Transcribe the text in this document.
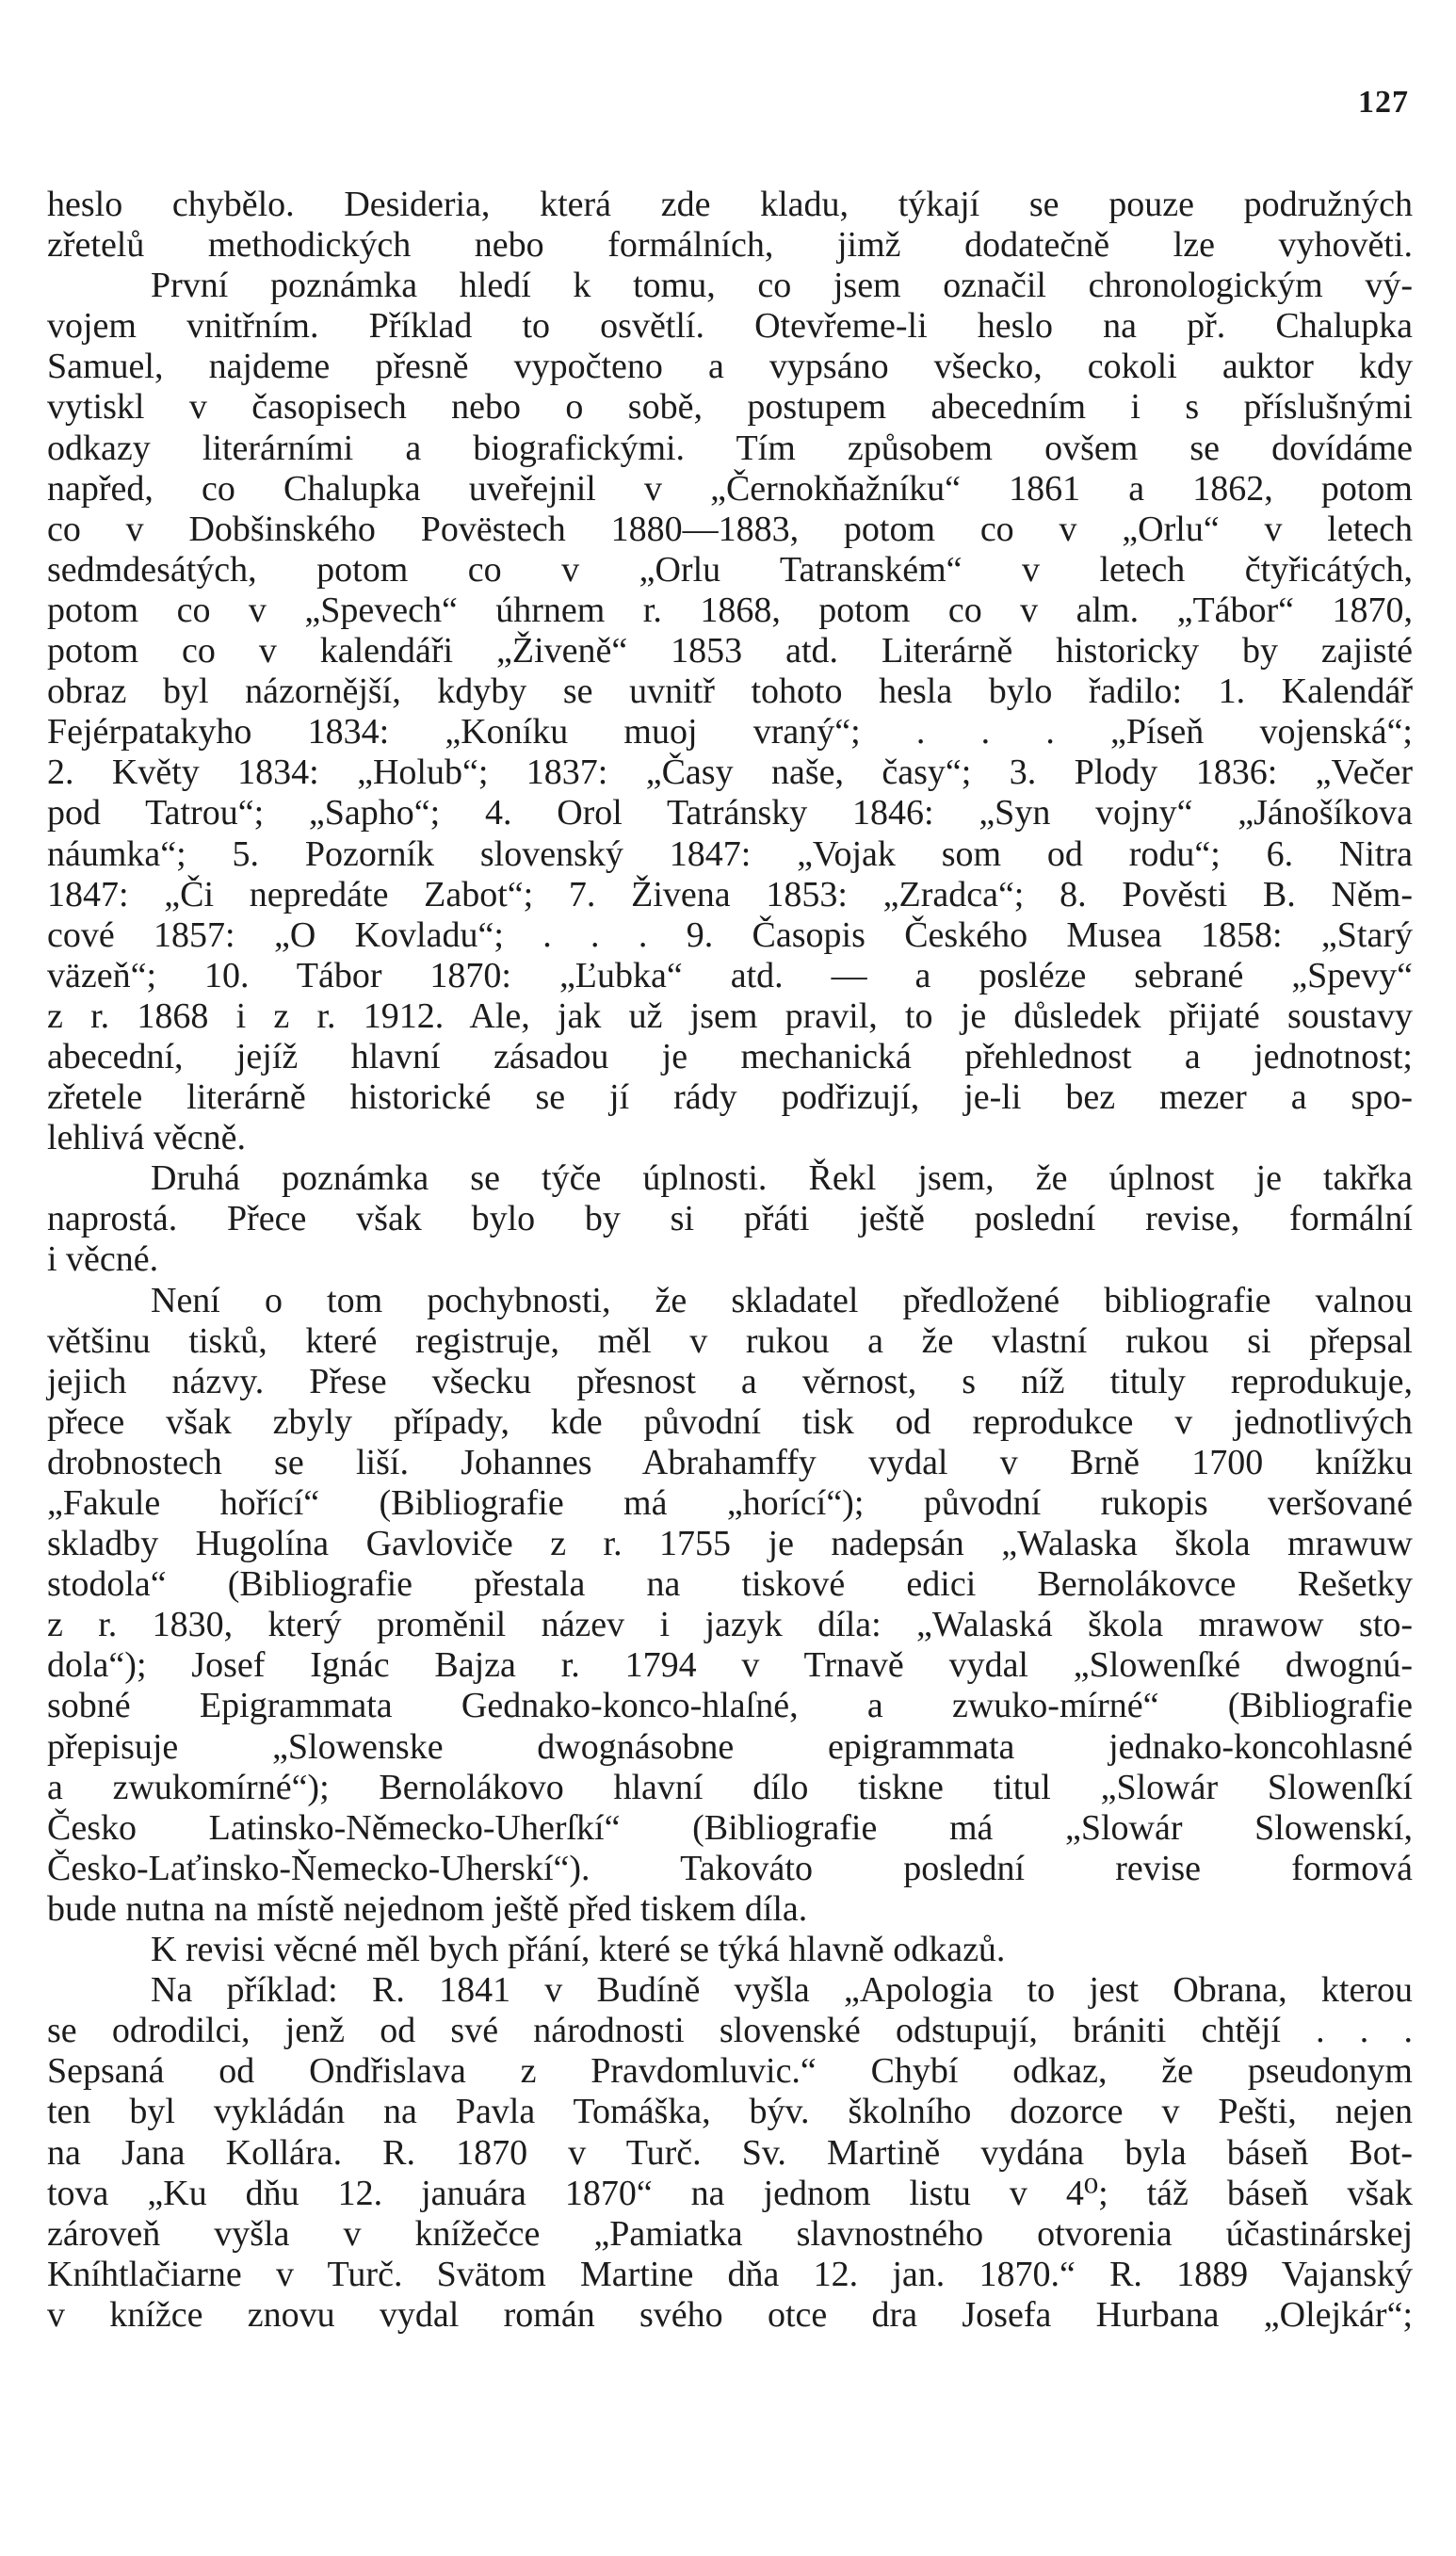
127
heslo chybělo. Desideria, která zde kladu, týkají se pouze podružných
zřetelů methodických nebo formálních, jimž dodatečně lze vyhověti.
První poznámka hledí k tomu, co jsem označil chronologickým vý-
vojem vnitřním. Příklad to osvětlí. Otevřeme-li heslo na př. Chalupka
Samuel, najdeme přesně vypočteno a vypsáno všecko, cokoli auktor kdy
vytiskl v časopisech nebo o sobě, postupem abecedním i s příslušnými
odkazy literárními a biografickými. Tím způsobem ovšem se dovídáme
napřed, co Chalupka uveřejnil v „Černokňažníku“ 1861 a 1862, potom
co v Dobšinského Povёstech 1880—1883, potom co v „Orlu“ v letech
sedmdesátých, potom co v „Orlu Tatranském“ v letech čtyřicátých,
potom co v „Spevech“ úhrnem r. 1868, potom co v alm. „Tábor“ 1870,
potom co v kalendáři „Živeně“ 1853 atd. Literárně historicky by zajisté
obraz byl názornější, kdyby se uvnitř tohoto hesla bylo řadilo: 1. Kalendář
Fejérpatakyho 1834: „Koníku muoj vraný“; . . . „Píseň vojenská“;
2. Květy 1834: „Holub“; 1837: „Časy naše, časy“; 3. Plody 1836: „Večer
pod Tatrou“; „Sapho“; 4. Orol Tatránsky 1846: „Syn vojny“ „Jánošíkova
náumka“; 5. Pozorník slovenský 1847: „Vojak som od rodu“; 6. Nitra
1847: „Či nepredáte Zabot“; 7. Živena 1853: „Zradca“; 8. Pověsti B. Něm-
cové 1857: „O Kovladu“; . . . 9. Časopis Českého Musea 1858: „Starý
väzeň“; 10. Tábor 1870: „Ľubka“ atd. — a posléze sebrané „Spevy“
z r. 1868 i z r. 1912. Ale, jak už jsem pravil, to je důsledek přijaté soustavy
abecední, jejíž hlavní zásadou je mechanická přehlednost a jednotnost;
zřetele literárně historické se jí rády podřizují, je-li bez mezer a spo-
lehlivá věcně.
Druhá poznámka se týče úplnosti. Řekl jsem, že úplnost je takřka
naprostá. Přece však bylo by si přáti ještě poslední revise, formální
i věcné.
Není o tom pochybnosti, že skladatel předložené bibliografie valnou
většinu tisků, které registruje, měl v rukou a že vlastní rukou si přepsal
jejich názvy. Přese všecku přesnost a věrnost, s níž tituly reprodukuje,
přece však zbyly případy, kde původní tisk od reprodukce v jednotlivých
drobnostech se liší. Johannes Abrahamffy vydal v Brně 1700 knížku
„Fakule hořící“ (Bibliografie má „horící“); původní rukopis veršované
skladby Hugolína Gavloviče z r. 1755 je nadepsán „Walaska škola mrawuw
stodola“ (Bibliografie přestala na tiskové edici Bernolákovce Rešetky
z r. 1830, který proměnil název i jazyk díla: „Walaská škola mrawow sto-
dola“); Josef Ignác Bajza r. 1794 v Trnavě vydal „Slowenſké dwognú-
sobné Epigrammata Gednako-konco-hlaſné, a zwuko-mírné“ (Bibliografie
přepisuje „Slowenske dwognásobne epigrammata jednako-koncohlasné
a zwukomírné“); Bernolákovo hlavní dílo tiskne titul „Slowár Slowenſkí
Česko Latinsko-Německo-Uherſkí“ (Bibliografie má „Slowár Slowenskí,
Česko-Laťinsko-Ňemecko-Uherskí“). Takováto poslední revise formová
bude nutna na místě nejednom ještě před tiskem díla.
K revisi věcné měl bych přání, které se týká hlavně odkazů.
Na příklad: R. 1841 v Budíně vyšla „Apologia to jest Obrana, kterou
se odrodilci, jenž od své národnosti slovenské odstupují, brániti chtějí . . .
Sepsaná od Ondřislava z Pravdomluvic.“ Chybí odkaz, že pseudonym
ten byl vykládán na Pavla Tomáška, býv. školního dozorce v Pešti, nejen
na Jana Kollára. R. 1870 v Turč. Sv. Martině vydána byla báseň Bot-
tova „Ku dňu 12. januára 1870“ na jednom listu v 4⁰; táž báseň však
zároveň vyšla v knížečce „Pamiatka slavnostného otvorenia účastinárskej
Kníhtlačiarne v Turč. Svätom Martine dňa 12. jan. 1870.“ R. 1889 Vajanský
v knížce znovu vydal román svého otce dra Josefa Hurbana „Olejkár“;
